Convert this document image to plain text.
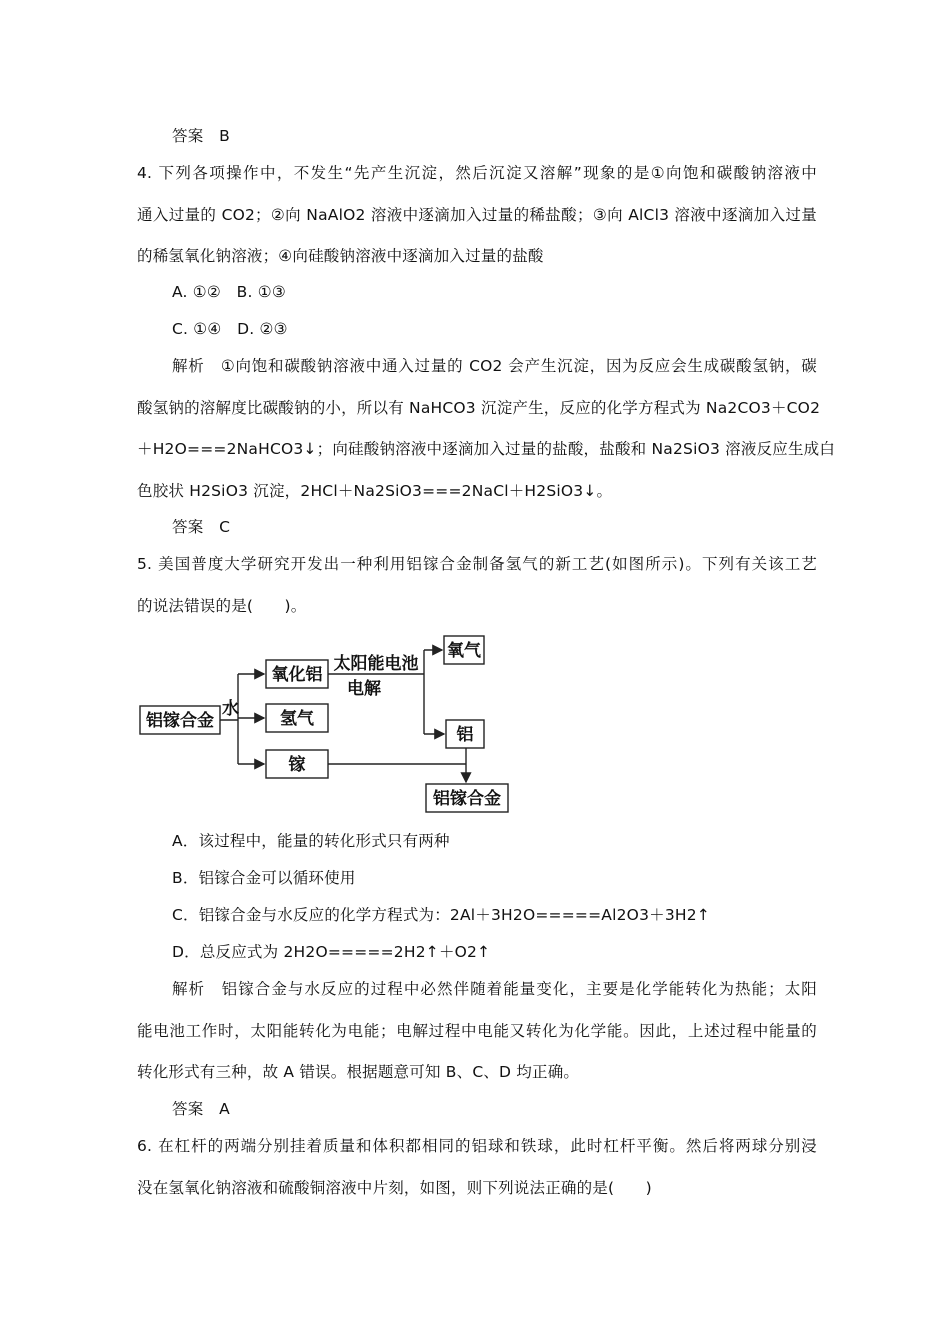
答案　B
4. 下列各项操作中，不发生“先产生沉淀，然后沉淀又溶解”现象的是①向饱和碳酸钠溶液中
通入过量的 CO2；②向 NaAlO2 溶液中逐滴加入过量的稀盐酸；③向 AlCl3 溶液中逐滴加入过量
的稀氢氧化钠溶液；④向硅酸钠溶液中逐滴加入过量的盐酸
A. ①②　B. ①③
C. ①④　D. ②③
解析　①向饱和碳酸钠溶液中通入过量的 CO2 会产生沉淀，因为反应会生成碳酸氢钠，碳
酸氢钠的溶解度比碳酸钠的小，所以有 NaHCO3 沉淀产生，反应的化学方程式为 Na2CO3＋CO2
＋H2O===2NaHCO3↓；向硅酸钠溶液中逐滴加入过量的盐酸，盐酸和 Na2SiO3 溶液反应生成白
色胶状 H2SiO3 沉淀，2HCl＋Na2SiO3===2NaCl＋H2SiO3↓。
答案　C
5. 美国普度大学研究开发出一种利用铝镓合金制备氢气的新工艺(如图所示)。下列有关该工艺
的说法错误的是(　　)。
铝镓合金
水
氧化铝
氢气
镓
太阳能电池
电解
氧气
铝
铝镓合金
A．该过程中，能量的转化形式只有两种
B．铝镓合金可以循环使用
C．铝镓合金与水反应的化学方程式为：2Al＋3H2O=====Al2O3＋3H2↑
D．总反应式为 2H2O=====2H2↑＋O2↑
解析　铝镓合金与水反应的过程中必然伴随着能量变化，主要是化学能转化为热能；太阳
能电池工作时，太阳能转化为电能；电解过程中电能又转化为化学能。因此，上述过程中能量的
转化形式有三种，故 A 错误。根据题意可知 B、C、D 均正确。
答案　A
6. 在杠杆的两端分别挂着质量和体积都相同的铝球和铁球，此时杠杆平衡。然后将两球分别浸
没在氢氧化钠溶液和硫酸铜溶液中片刻，如图，则下列说法正确的是(　　)
